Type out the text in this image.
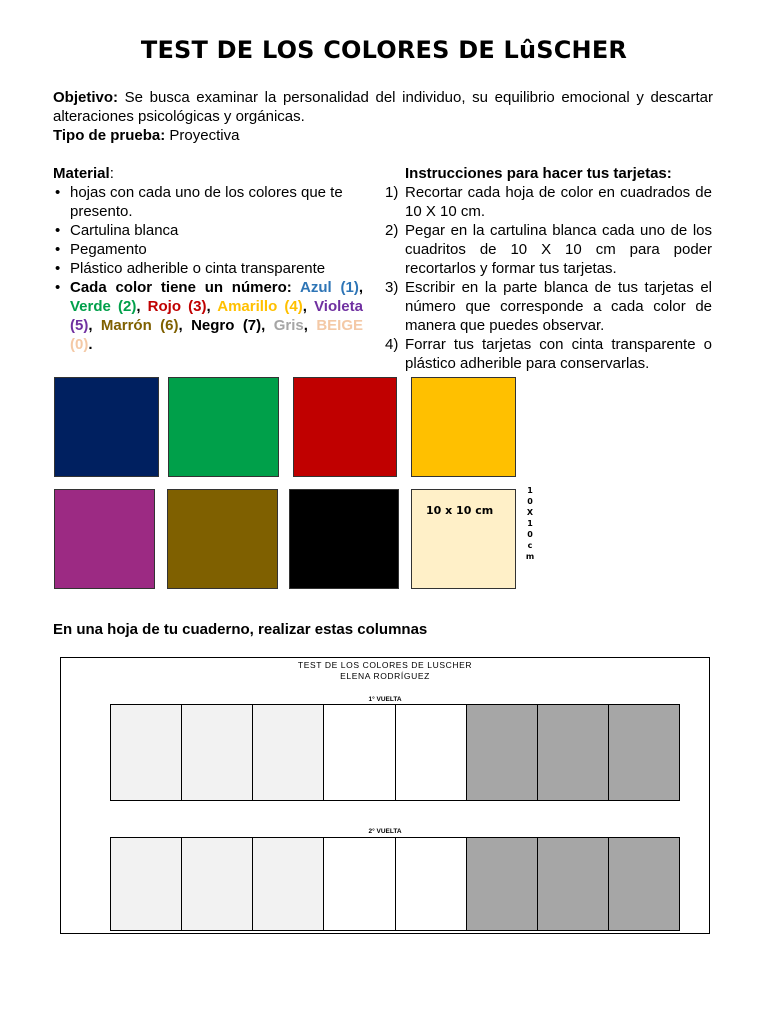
TEST DE LOS COLORES DE LûSCHER
Objetivo: Se busca examinar la personalidad del individuo, su equilibrio emocional y descartar alteraciones psicológicas y orgánicas.
Tipo de prueba: Proyectiva
Material:
• hojas con cada uno de los colores que te presento.
• Cartulina blanca
• Pegamento
• Plástico adherible o cinta transparente
• Cada color tiene un número: Azul (1), Verde (2), Rojo (3), Amarillo (4), Violeta (5), Marrón (6), Negro (7), Gris, BEIGE (0).
Instrucciones para hacer tus tarjetas:
1) Recortar cada hoja de color en cuadrados de 10 X 10 cm.
2) Pegar en la cartulina blanca cada uno de los cuadritos de 10 X 10 cm para poder recortarlos y formar tus tarjetas.
3) Escribir en la parte blanca de tus tarjetas el número que corresponde a cada color de manera que puedes observar.
4) Forrar tus tarjetas con cinta transparente o plástico adherible para conservarlas.
10 x 10 cm
1
0
X
1
0
c
m
En una hoja de tu cuaderno, realizar estas columnas
TEST DE LOS COLORES DE LUSCHER
ELENA RODRÍGUEZ
1° VUELTA
2° VUELTA
